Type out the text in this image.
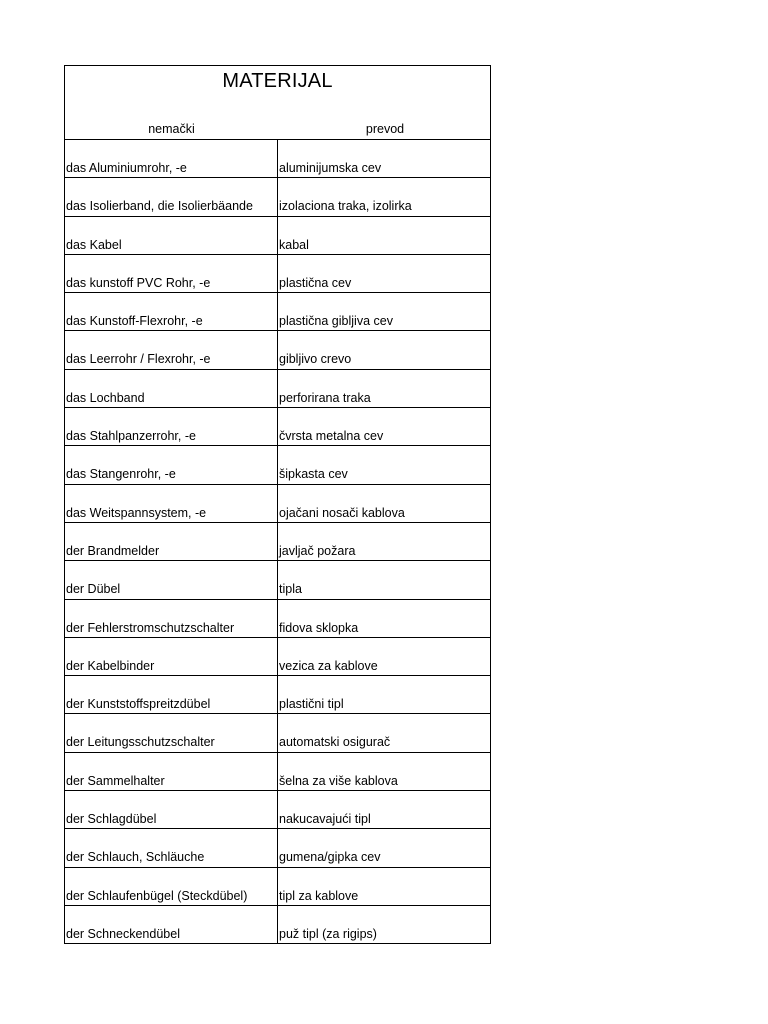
MATERIJAL
nemački	prevod
das Aluminiumrohr, -e	aluminijumska cev
das Isolierband, die Isolierbäande	izolaciona traka, izolirka
das Kabel	kabal
das kunstoff PVC Rohr, -e	plastična cev
das Kunstoff-Flexrohr, -e	plastična gibljiva cev
das Leerrohr / Flexrohr, -e	gibljivo crevo
das Lochband	perforirana traka
das Stahlpanzerrohr, -e	čvrsta metalna cev
das Stangenrohr, -e	šipkasta cev
das Weitspannsystem, -e	ojačani nosači kablova
der Brandmelder	javljač požara
der Dübel	tipla
der Fehlerstromschutzschalter	fidova sklopka
der Kabelbinder	vezica za kablove
der Kunststoffspreitzdübel	plastični tipl
der Leitungsschutzschalter	automatski osigurač
der Sammelhalter	šelna za više kablova
der Schlagdübel	nakucavajući tipl
der Schlauch, Schläuche	gumena/gipka cev
der Schlaufenbügel (Steckdübel)	tipl za kablove
der Schneckendübel	puž tipl (za rigips)
